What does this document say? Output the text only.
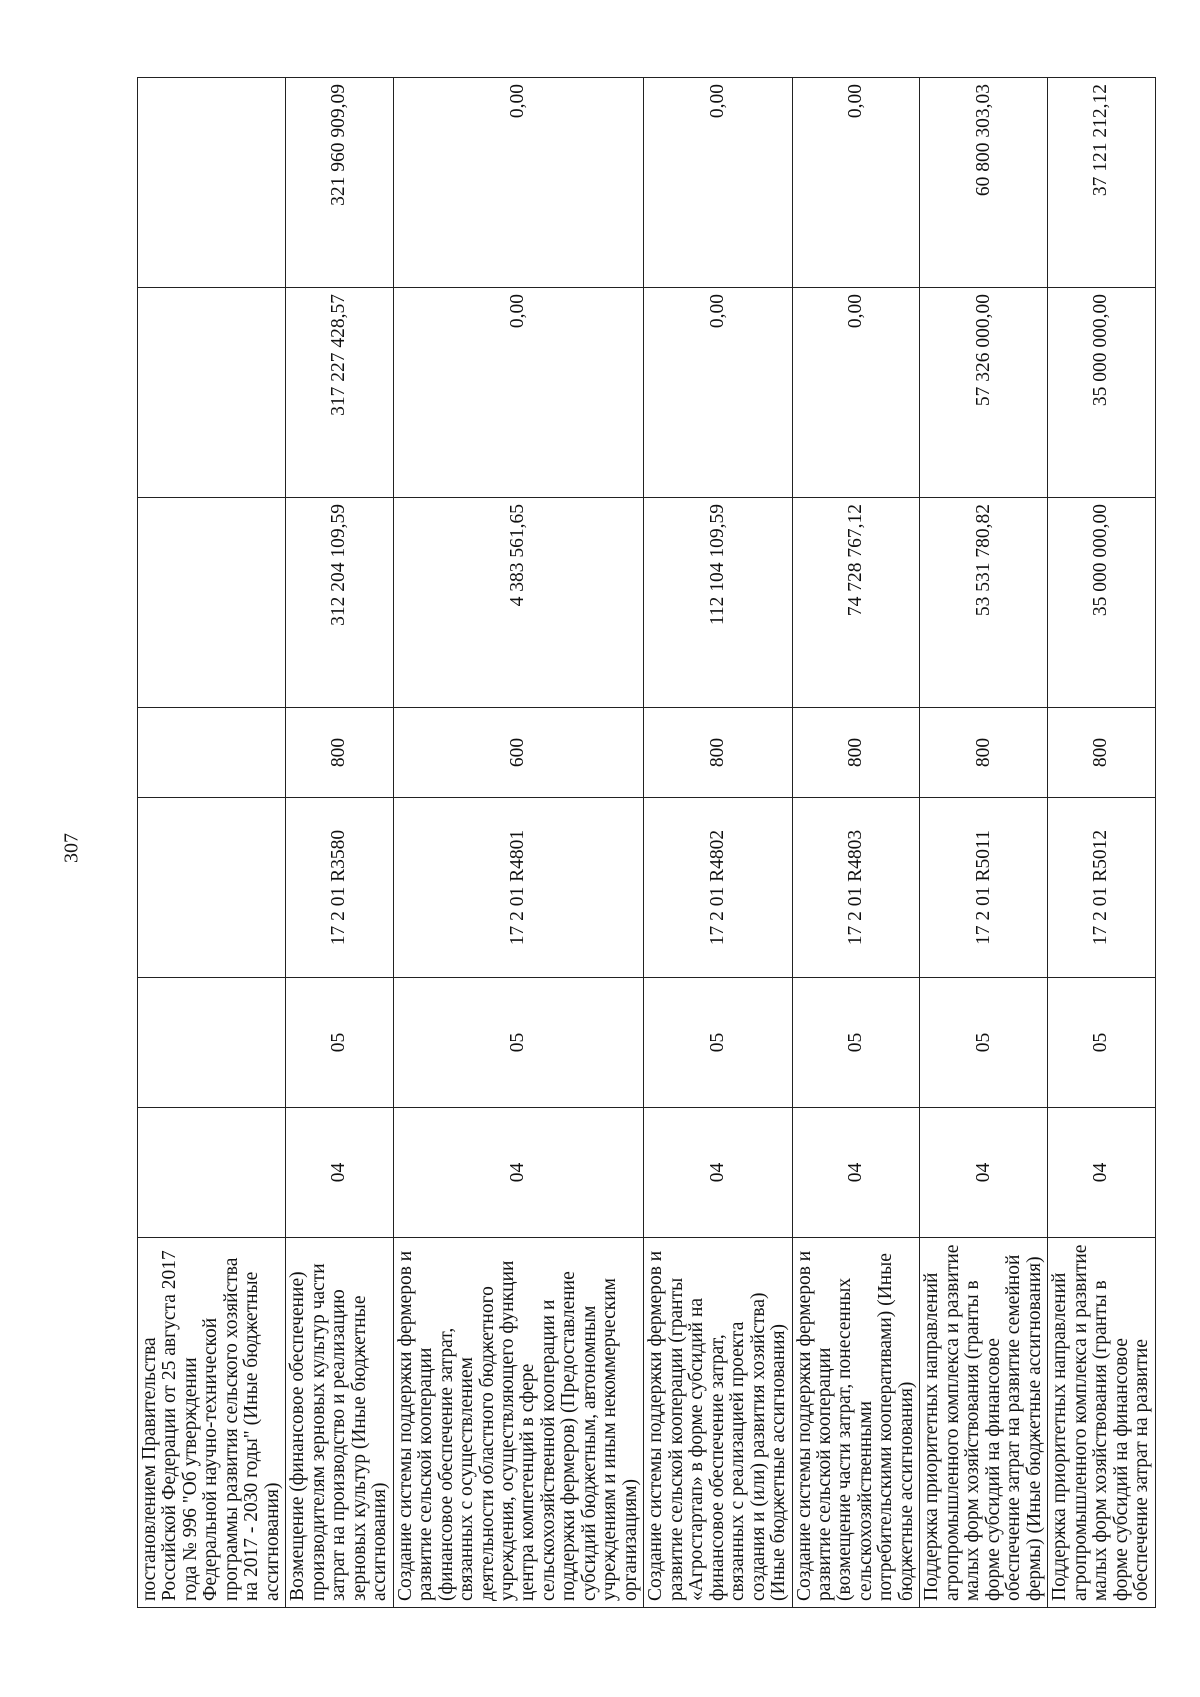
307
постановлением Правительства Российской Федерации от 25 августа 2017 года № 996 "Об утверждении Федеральной научно-технической программы развития сельского хозяйства на 2017 - 2030 годы" (Иные бюджетные ассигнования)							
Возмещение (финансовое обеспечение) производителям зерновых культур части затрат на производство и реализацию зерновых культур (Иные бюджетные ассигнования)	04	05	17 2 01 R3580	800	312 204 109,59	317 227 428,57	321 960 909,09
Создание системы поддержки фермеров и развитие сельской кооперации (финансовое обеспечение затрат, связанных с осуществлением деятельности областного бюджетного учреждения, осуществляющего функции центра компетенций в сфере сельскохозяйственной кооперации и поддержки фермеров) (Предоставление субсидий бюджетным, автономным учреждениям и иным некоммерческим организациям)	04	05	17 2 01 R4801	600	4 383 561,65	0,00	0,00
Создание системы поддержки фермеров и развитие сельской кооперации (гранты «Агростартап» в форме субсидий на финансовое обеспечение затрат, связанных с реализацией проекта создания и (или) развития хозяйства) (Иные бюджетные ассигнования)	04	05	17 2 01 R4802	800	112 104 109,59	0,00	0,00
Создание системы поддержки фермеров и развитие сельской кооперации (возмещение части затрат, понесенных сельскохозяйственными потребительскими кооперативами) (Иные бюджетные ассигнования)	04	05	17 2 01 R4803	800	74 728 767,12	0,00	0,00
Поддержка приоритетных направлений агропромышленного комплекса и развитие малых форм хозяйствования (гранты в форме субсидий на финансовое обеспечение затрат на развитие семейной фермы) (Иные бюджетные ассигнования)	04	05	17 2 01 R5011	800	53 531 780,82	57 326 000,00	60 800 303,03
Поддержка приоритетных направлений агропромышленного комплекса и развитие малых форм хозяйствования (гранты в форме субсидий на финансовое обеспечение затрат на развитие	04	05	17 2 01 R5012	800	35 000 000,00	35 000 000,00	37 121 212,12
